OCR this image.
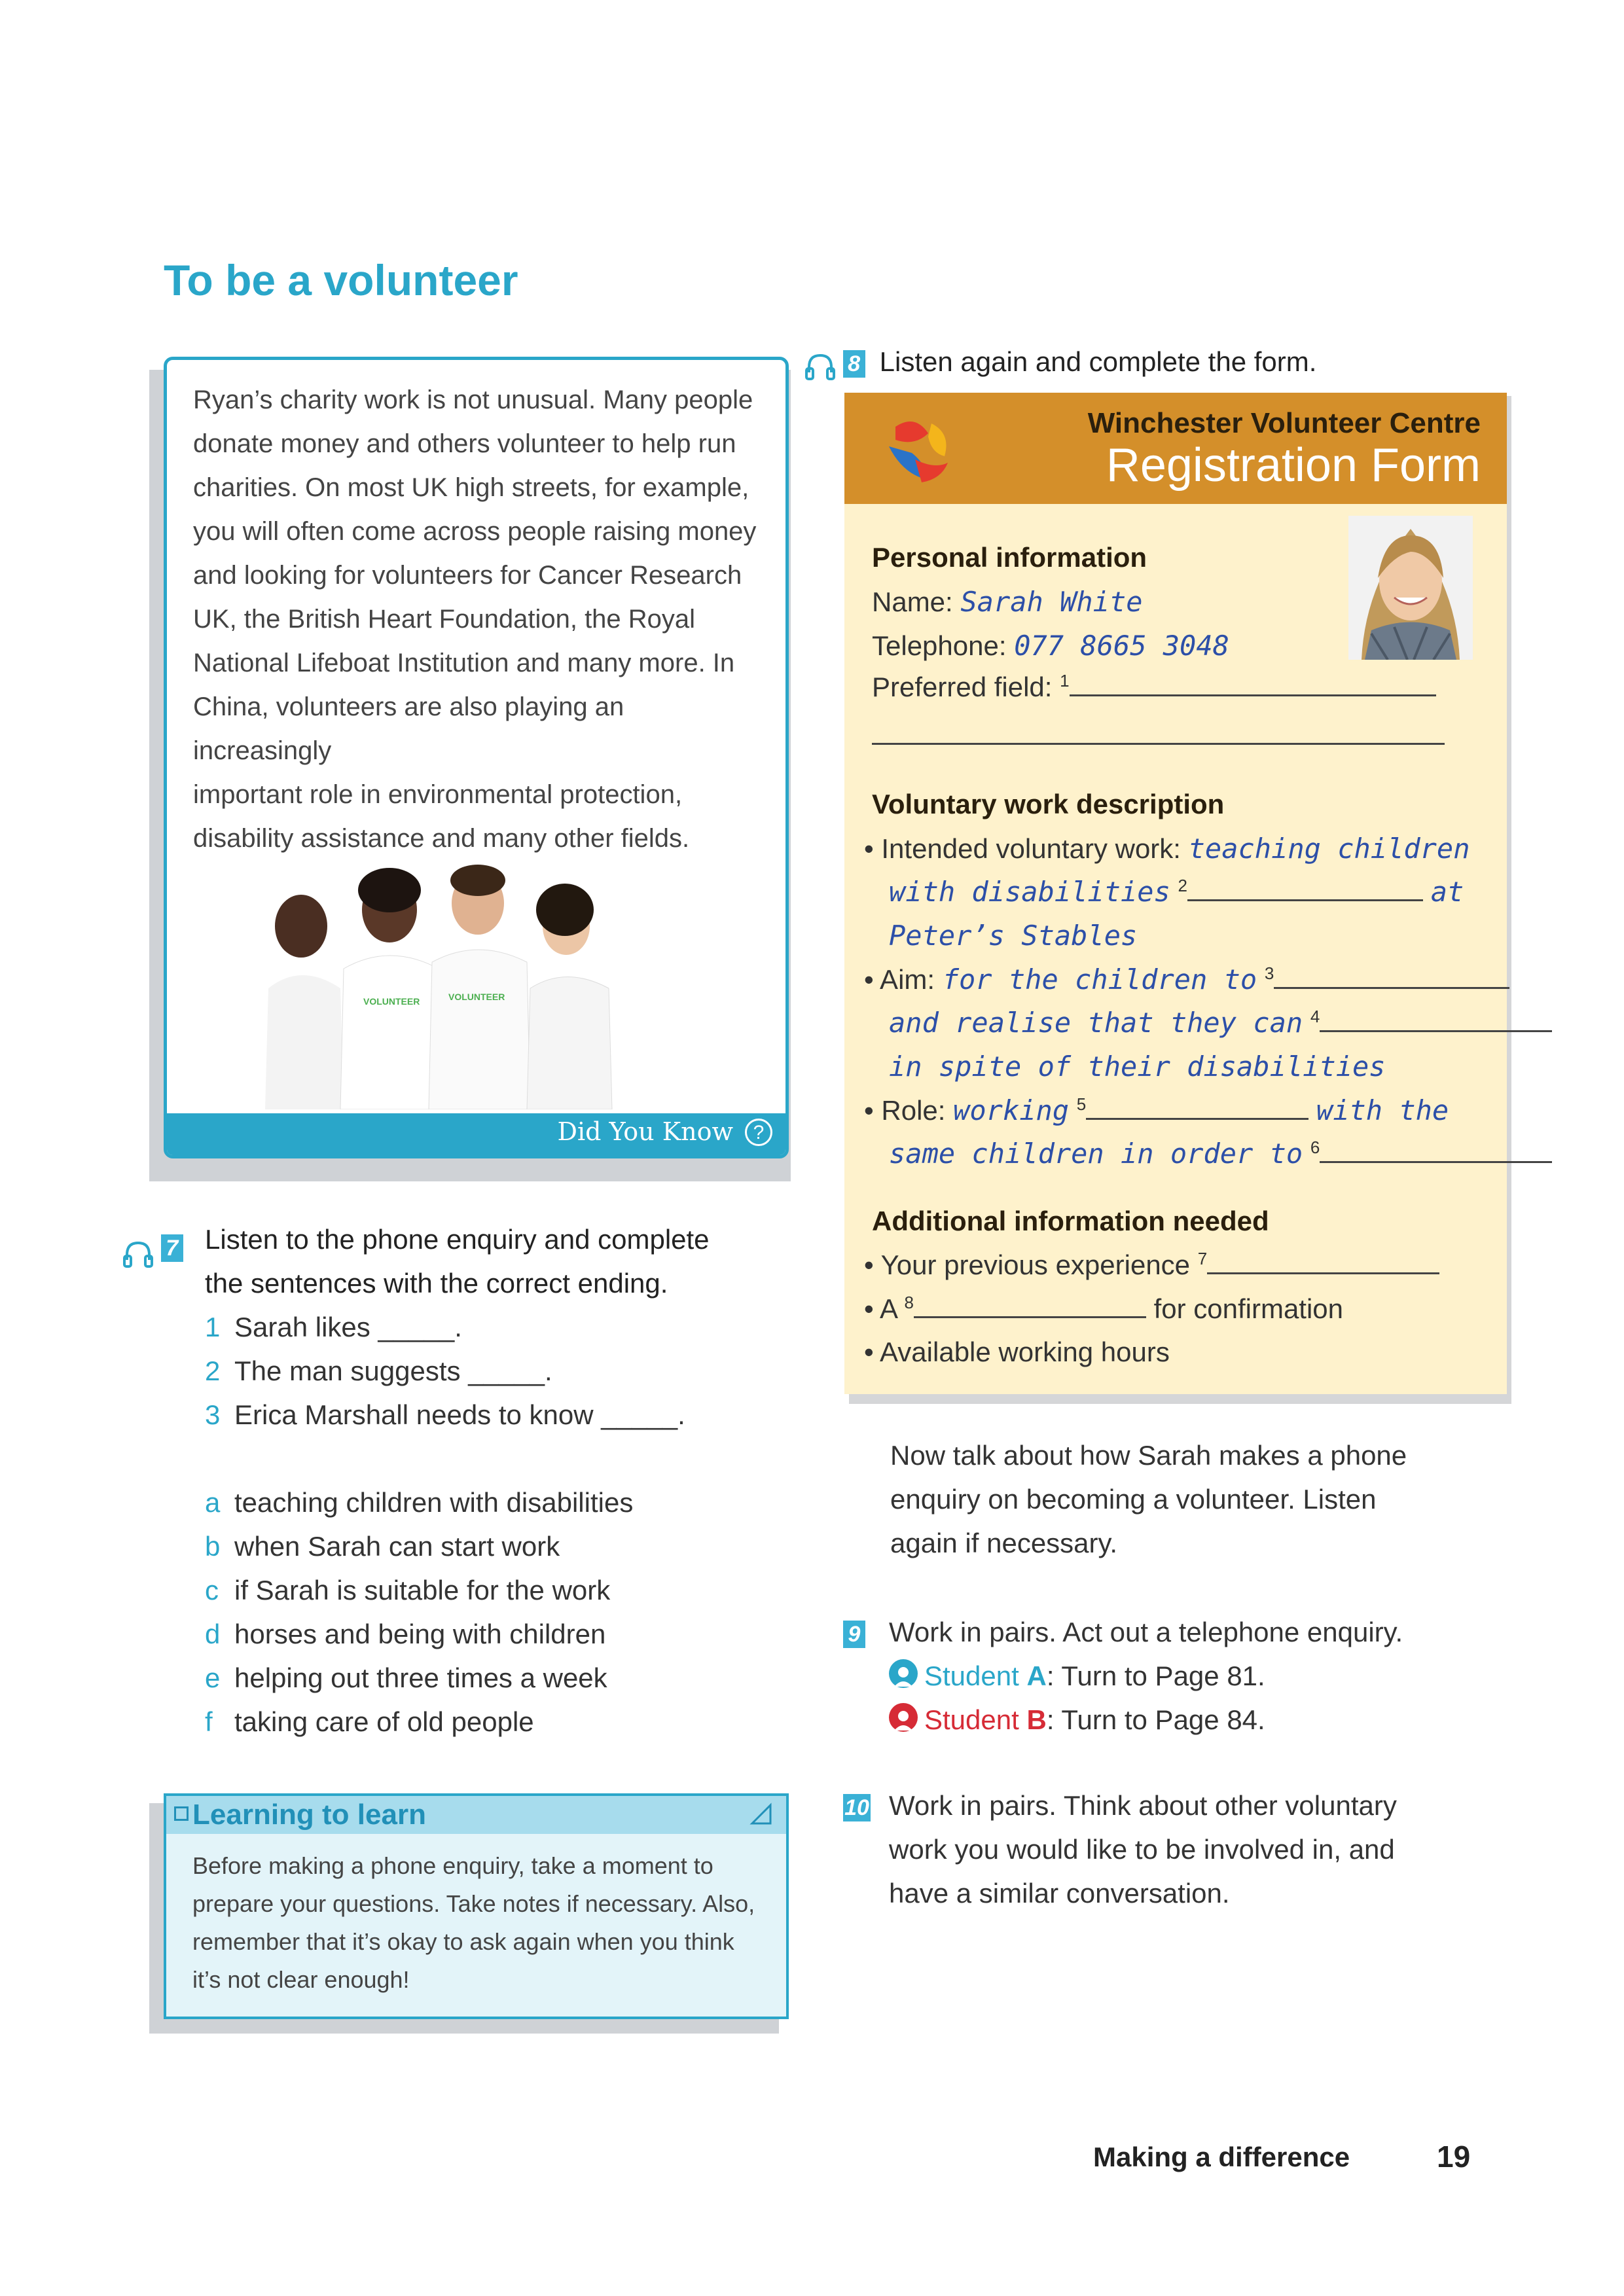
To be a volunteer
Ryan’s charity work is not unusual. Many people
donate money and others volunteer to help run
charities. On most UK high streets, for example,
you will often come across people raising money
and looking for volunteers for Cancer Research
UK, the British Heart Foundation, the Royal
National Lifeboat Institution and many more. In
China, volunteers are also playing an increasingly
important role in environmental protection,
disability assistance and many other fields.
VOLUNTEER	VOLUNTEER
Did You Know	?
7 Listen to the phone enquiry and complete
the sentences with the correct ending.
1 Sarah likes _____.
2 The man suggests _____.
3 Erica Marshall needs to know _____.
a teaching children with disabilities
b when Sarah can start work
c if Sarah is suitable for the work
d horses and being with children
e helping out three times a week
f taking care of old people
Learning to learn
Before making a phone enquiry, take a moment to
prepare your questions. Take notes if necessary. Also,
remember that it’s okay to ask again when you think
it’s not clear enough!
8 Listen again and complete the form.
Winchester Volunteer Centre
Registration Form
Personal information
Name: Sarah White
Telephone: 077 8665 3048
Preferred field: $^1$
Voluntary work description
• Intended voluntary work: teaching children
with disabilities $^2$	at
Peter’s Stables
• Aim: for the children to $^3$
and realise that they can $^4$
in spite of their disabilities
• Role: working $^5$	with the
same children in order to $^6$
Additional information needed
• Your previous experience $^7$
• A $^8$	for confirmation
• Available working hours
Now talk about how Sarah makes a phone
enquiry on becoming a volunteer. Listen
again if necessary.
9 Work in pairs. Act out a telephone enquiry.
Student A: Turn to Page 81.
Student B: Turn to Page 84.
10 Work in pairs. Think about other voluntary
work you would like to be involved in, and
have a similar conversation.
Making a difference	19
